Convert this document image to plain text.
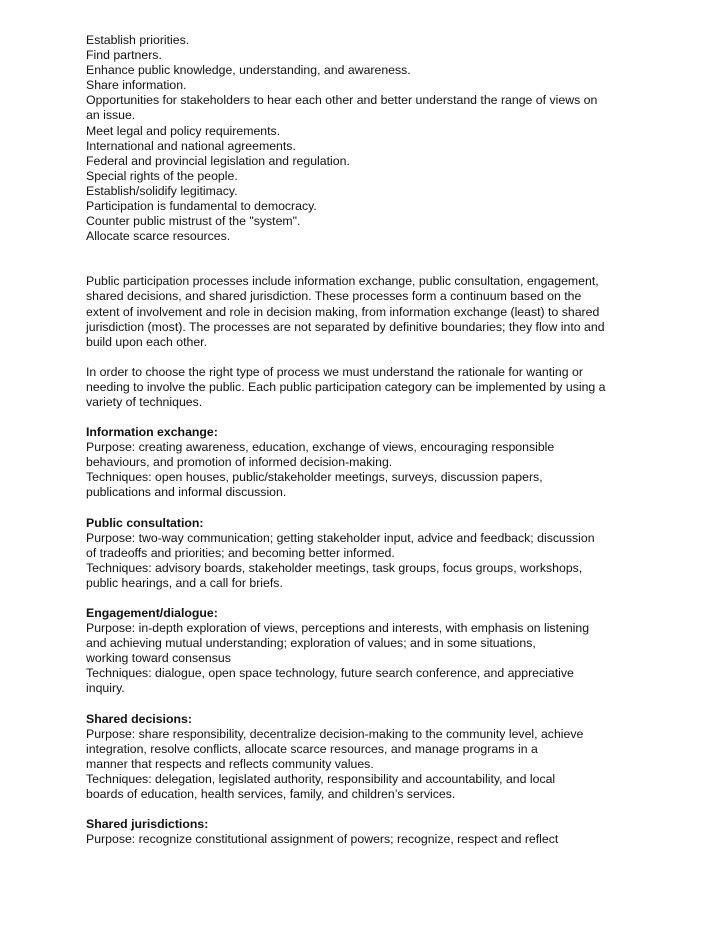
Establish priorities.
Find partners.
Enhance public knowledge, understanding, and awareness.
Share information.
Opportunities for stakeholders to hear each other and better understand the range of views on
an issue.
Meet legal and policy requirements.
International and national agreements.
Federal and provincial legislation and regulation.
Special rights of the people.
Establish/solidify legitimacy.
Participation is fundamental to democracy.
Counter public mistrust of the "system".
Allocate scarce resources.
Public participation processes include information exchange, public consultation, engagement,
shared decisions, and shared jurisdiction. These processes form a continuum based on the
extent of involvement and role in decision making, from information exchange (least) to shared
jurisdiction (most). The processes are not separated by definitive boundaries; they flow into and
build upon each other.
In order to choose the right type of process we must understand the rationale for wanting or
needing to involve the public. Each public participation category can be implemented by using a
variety of techniques.
Information exchange:
Purpose: creating awareness, education, exchange of views, encouraging responsible
behaviours, and promotion of informed decision-making.
Techniques: open houses, public/stakeholder meetings, surveys, discussion papers,
publications and informal discussion.
Public consultation:
Purpose: two-way communication; getting stakeholder input, advice and feedback; discussion
of tradeoffs and priorities; and becoming better informed.
Techniques: advisory boards, stakeholder meetings, task groups, focus groups, workshops,
public hearings, and a call for briefs.
Engagement/dialogue:
Purpose: in-depth exploration of views, perceptions and interests, with emphasis on listening
and achieving mutual understanding; exploration of values; and in some situations,
working toward consensus
Techniques: dialogue, open space technology, future search conference, and appreciative
inquiry.
Shared decisions:
Purpose: share responsibility, decentralize decision-making to the community level, achieve
integration, resolve conflicts, allocate scarce resources, and manage programs in a
manner that respects and reflects community values.
Techniques: delegation, legislated authority, responsibility and accountability, and local
boards of education, health services, family, and children’s services.
Shared jurisdictions:
Purpose: recognize constitutional assignment of powers; recognize, respect and reflect
